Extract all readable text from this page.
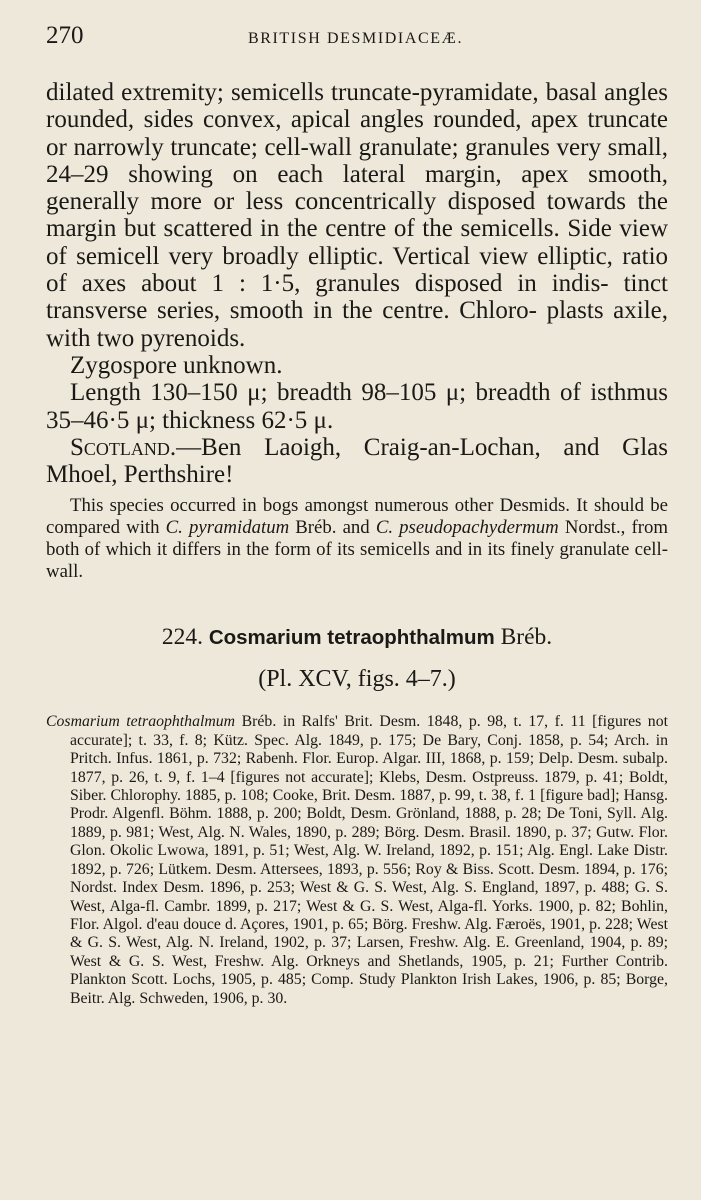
270	BRITISH DESMIDIACEÆ.

dilated extremity; semicells truncate-pyramidate, basal angles rounded, sides convex, apical angles rounded, apex truncate or narrowly truncate; cell-wall granulate; granules very small, 24–29 showing on each lateral margin, apex smooth, generally more or less concentrically disposed towards the margin but scattered in the centre of the semicells. Side view of semicell very broadly elliptic. Vertical view elliptic, ratio of axes about 1 : 1·5, granules disposed in indis- tinct transverse series, smooth in the centre. Chloro- plasts axile, with two pyrenoids.

Zygospore unknown.

Length 130–150 μ; breadth 98–105 μ; breadth of isthmus 35–46·5 μ; thickness 62·5 μ.

Scotland.—Ben Laoigh, Craig-an-Lochan, and Glas Mhoel, Perthshire!

This species occurred in bogs amongst numerous other Desmids. It should be compared with C. pyramidatum Bréb. and C. pseudopachydermum Nordst., from both of which it differs in the form of its semicells and in its finely granulate cell-wall.

224. Cosmarium tetraophthalmum Bréb.
(Pl. XCV, figs. 4–7.)
Cosmarium tetraophthalmum Bréb. in Ralfs' Brit. Desm. 1848, p. 98, t. 17, f. 11 [figures not accurate]; t. 33, f. 8; Kütz. Spec. Alg. 1849, p. 175; De Bary, Conj. 1858, p. 54; Arch. in Pritch. Infus. 1861, p. 732; Rabenh. Flor. Europ. Algar. III, 1868, p. 159; Delp. Desm. subalp. 1877, p. 26, t. 9, f. 1–4 [figures not accurate]; Klebs, Desm. Ostpreuss. 1879, p. 41; Boldt, Siber. Chlorophy. 1885, p. 108; Cooke, Brit. Desm. 1887, p. 99, t. 38, f. 1 [figure bad]; Hansg. Prodr. Algenfl. Böhm. 1888, p. 200; Boldt, Desm. Grönland, 1888, p. 28; De Toni, Syll. Alg. 1889, p. 981; West, Alg. N. Wales, 1890, p. 289; Börg. Desm. Brasil. 1890, p. 37; Gutw. Flor. Glon. Okolic Lwowa, 1891, p. 51; West, Alg. W. Ireland, 1892, p. 151; Alg. Engl. Lake Distr. 1892, p. 726; Lütkem. Desm. Attersees, 1893, p. 556; Roy & Biss. Scott. Desm. 1894, p. 176; Nordst. Index Desm. 1896, p. 253; West & G. S. West, Alg. S. England, 1897, p. 488; G. S. West, Alga-fl. Cambr. 1899, p. 217; West & G. S. West, Alga-fl. Yorks. 1900, p. 82; Bohlin, Flor. Algol. d'eau douce d. Açores, 1901, p. 65; Börg. Freshw. Alg. Færoës, 1901, p. 228; West & G. S. West, Alg. N. Ireland, 1902, p. 37; Larsen, Freshw. Alg. E. Greenland, 1904, p. 89; West & G. S. West, Freshw. Alg. Orkneys and Shetlands, 1905, p. 21; Further Contrib. Plankton Scott. Lochs, 1905, p. 485; Comp. Study Plankton Irish Lakes, 1906, p. 85; Borge, Beitr. Alg. Schweden, 1906, p. 30.
